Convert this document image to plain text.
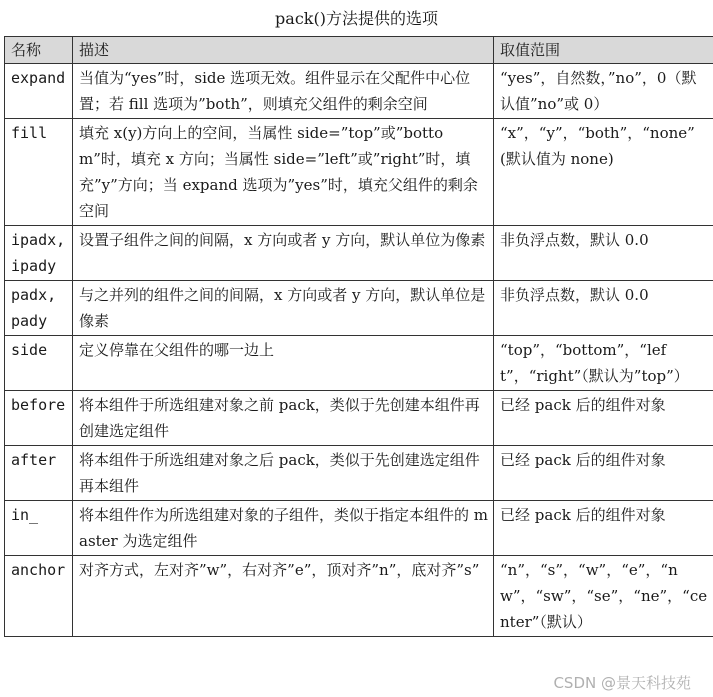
pack()方法提供的选项
名称	描述	取值范围
expand	当值为“yes”时，side 选项无效。组件显示在父配件中心位置；若 fill 选项为”both”，则填充父组件的剩余空间	“yes”，自然数，”no”，0（默认值”no”或 0）
fill	填充 x(y)方向上的空间，当属性 side=”top”或”bottom”时，填充 x 方向；当属性 side=”left”或”right”时，填充”y”方向；当 expand 选项为”yes”时，填充父组件的剩余空间	“x”，“y”，“both”，“none” (默认值为 none)
ipadx, ipady	设置子组件之间的间隔，x 方向或者 y 方向，默认单位为像素	非负浮点数，默认 0.0
padx, pady	与之并列的组件之间的间隔，x 方向或者 y 方向，默认单位是像素	非负浮点数，默认 0.0
side	定义停靠在父组件的哪一边上	“top”，“bottom”，“left”，“right”（默认为”top”）
before	将本组件于所选组建对象之前 pack，类似于先创建本组件再创建选定组件	已经 pack 后的组件对象
after	将本组件于所选组建对象之后 pack，类似于先创建选定组件再本组件	已经 pack 后的组件对象
in_	将本组件作为所选组建对象的子组件，类似于指定本组件的 master 为选定组件	已经 pack 后的组件对象
anchor	对齐方式，左对齐”w”，右对齐”e”，顶对齐”n”，底对齐”s”	“n”，“s”，“w”，“e”，“nw”，“sw”，“se”，“ne”，“center”（默认）
CSDN @景天科技苑
